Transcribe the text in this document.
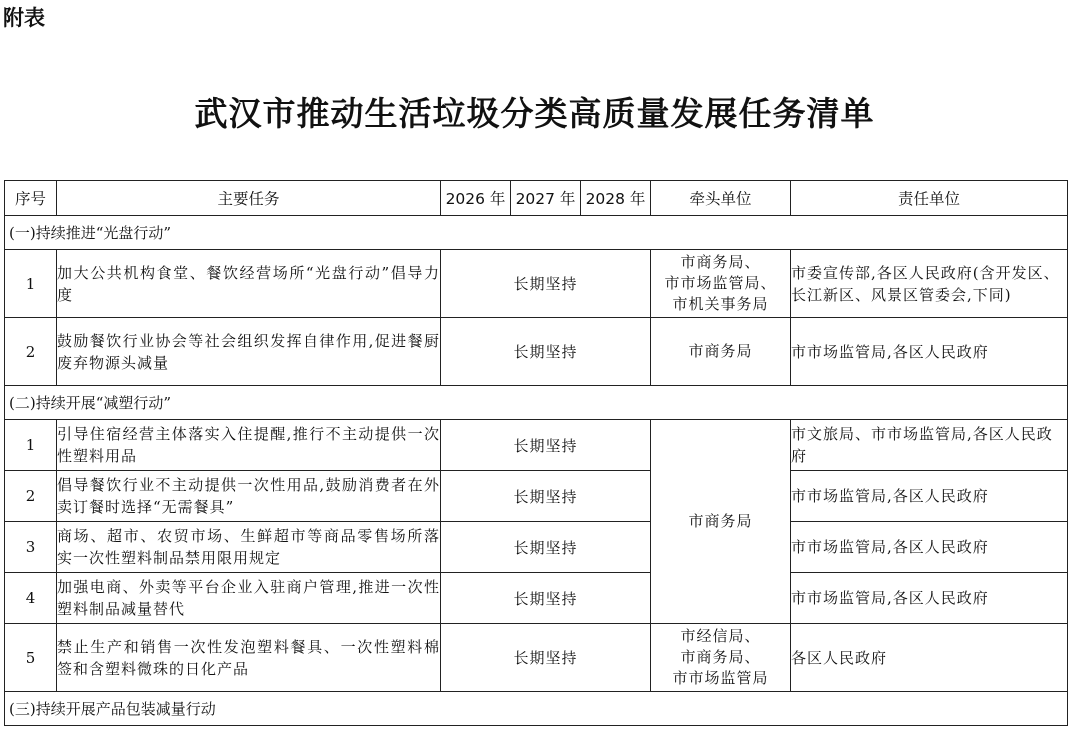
附表
武汉市推动生活垃圾分类高质量发展任务清单
序号	主要任务	2026 年	2027 年	2028 年	牵头单位	责任单位
(一)持续推进“光盘行动”						
1	加大公共机构食堂、餐饮经营场所“光盘行动”倡导力度	长期坚持			市商务局、
市市场监管局、
市机关事务局	市委宣传部,各区人民政府(含开发区、长江新区、风景区管委会,下同)
2	鼓励餐饮行业协会等社会组织发挥自律作用,促进餐厨废弃物源头减量	长期坚持			市商务局	市市场监管局,各区人民政府
(二)持续开展“减塑行动”						
1	引导住宿经营主体落实入住提醒,推行不主动提供一次性塑料用品	长期坚持			市商务局	市文旅局、市市场监管局,各区人民政府
2	倡导餐饮行业不主动提供一次性用品,鼓励消费者在外卖订餐时选择“无需餐具”	长期坚持				市市场监管局,各区人民政府
3	商场、超市、农贸市场、生鲜超市等商品零售场所落实一次性塑料制品禁用限用规定	长期坚持				市市场监管局,各区人民政府
4	加强电商、外卖等平台企业入驻商户管理,推进一次性塑料制品减量替代	长期坚持				市市场监管局,各区人民政府
5	禁止生产和销售一次性发泡塑料餐具、一次性塑料棉签和含塑料微珠的日化产品	长期坚持			市经信局、
市商务局、
市市场监管局	各区人民政府
(三)持续开展产品包装减量行动						
